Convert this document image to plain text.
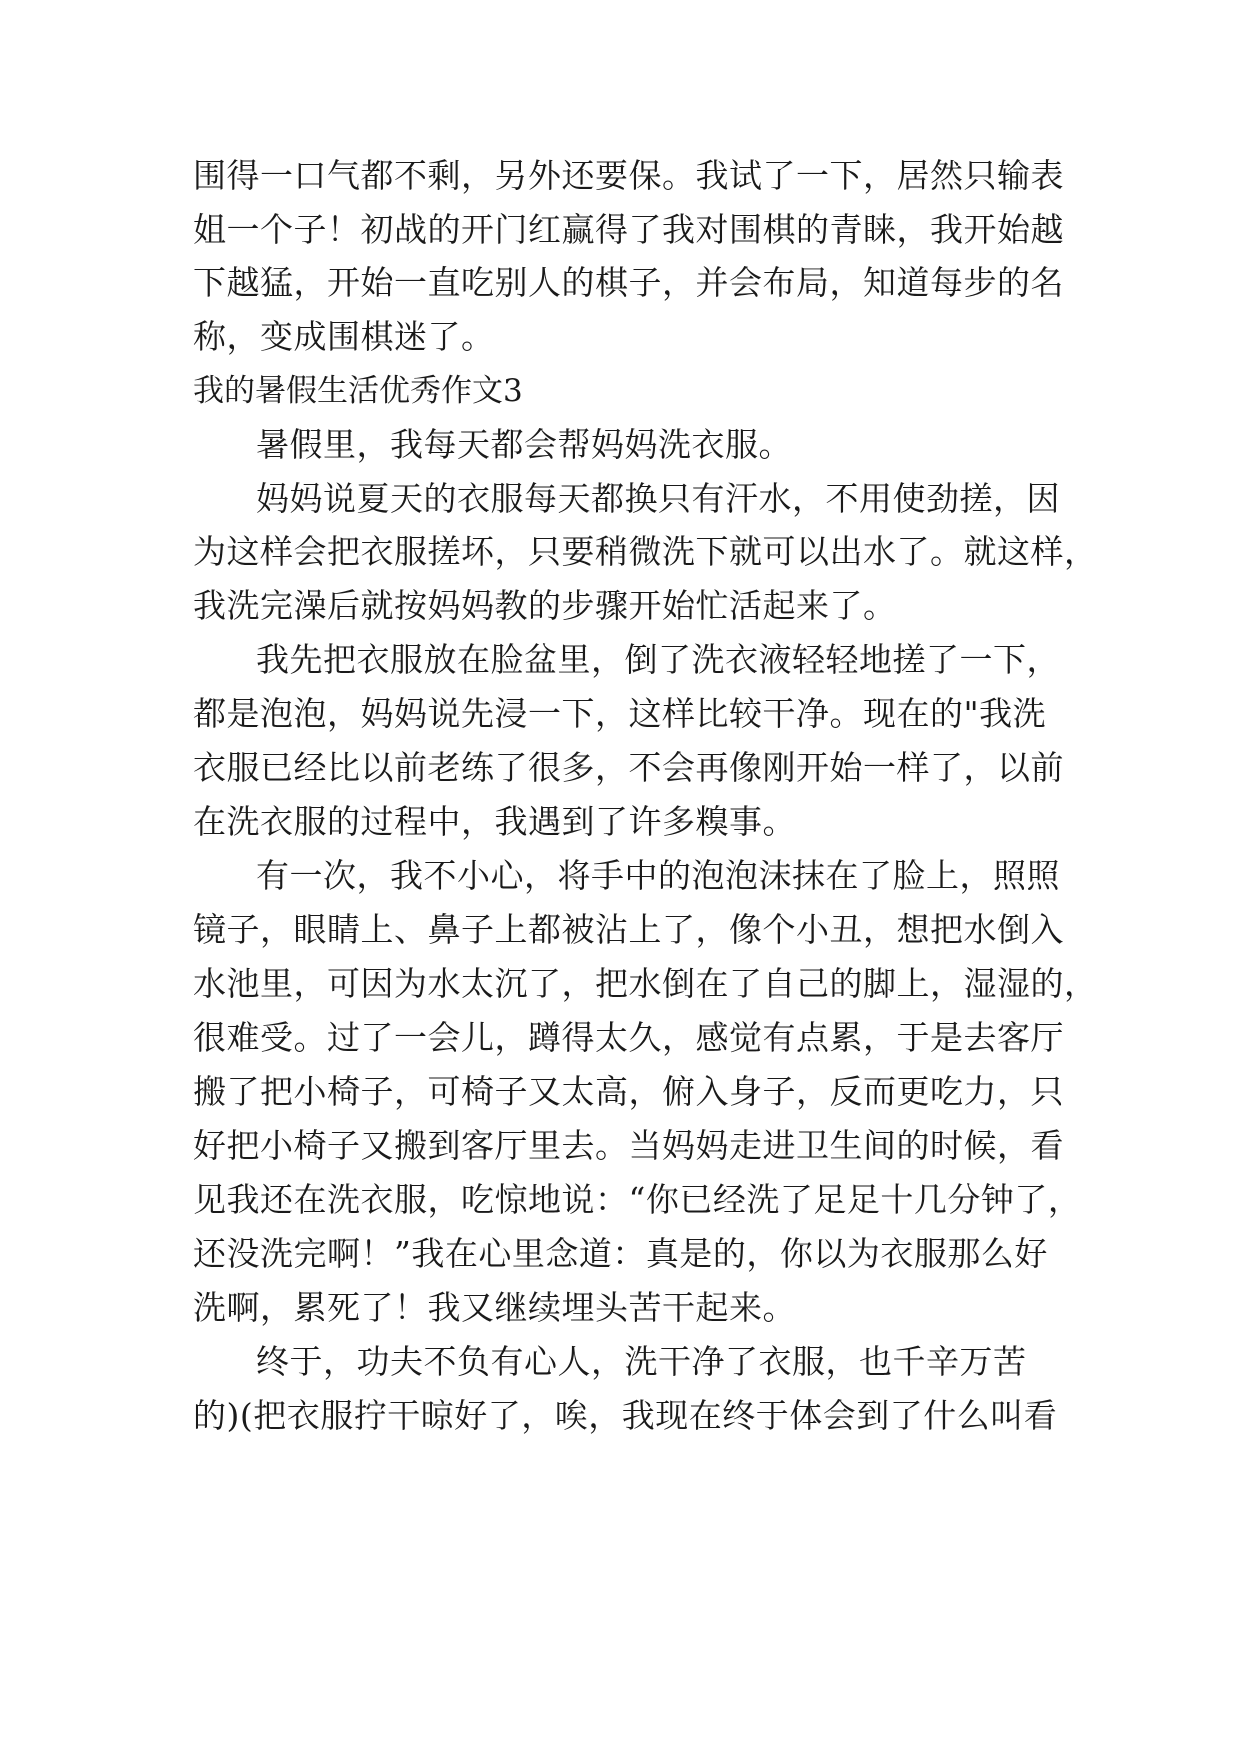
围得一口气都不剩，另外还要保。我试了一下，居然只输表
姐一个子！初战的开门红赢得了我对围棋的青睐，我开始越
下越猛，开始一直吃别人的棋子，并会布局，知道每步的名
称，变成围棋迷了。
我的暑假生活优秀作文3
暑假里，我每天都会帮妈妈洗衣服。
妈妈说夏天的衣服每天都换只有汗水，不用使劲搓，因
为这样会把衣服搓坏，只要稍微洗下就可以出水了。就这样，
我洗完澡后就按妈妈教的步骤开始忙活起来了。
我先把衣服放在脸盆里，倒了洗衣液轻轻地搓了一下，
都是泡泡，妈妈说先浸一下，这样比较干净。现在的"我洗
衣服已经比以前老练了很多，不会再像刚开始一样了，以前
在洗衣服的过程中，我遇到了许多糗事。
有一次，我不小心，将手中的泡泡沫抹在了脸上，照照
镜子，眼睛上、鼻子上都被沾上了，像个小丑，想把水倒入
水池里，可因为水太沉了，把水倒在了自己的脚上，湿湿的，
很难受。过了一会儿，蹲得太久，感觉有点累，于是去客厅
搬了把小椅子，可椅子又太高，俯入身子，反而更吃力，只
好把小椅子又搬到客厅里去。当妈妈走进卫生间的时候，看
见我还在洗衣服，吃惊地说：“你已经洗了足足十几分钟了，
还没洗完啊！”我在心里念道：真是的，你以为衣服那么好
洗啊，累死了！我又继续埋头苦干起来。
终于，功夫不负有心人，洗干净了衣服，也千辛万苦
的)(把衣服拧干晾好了，唉，我现在终于体会到了什么叫看
